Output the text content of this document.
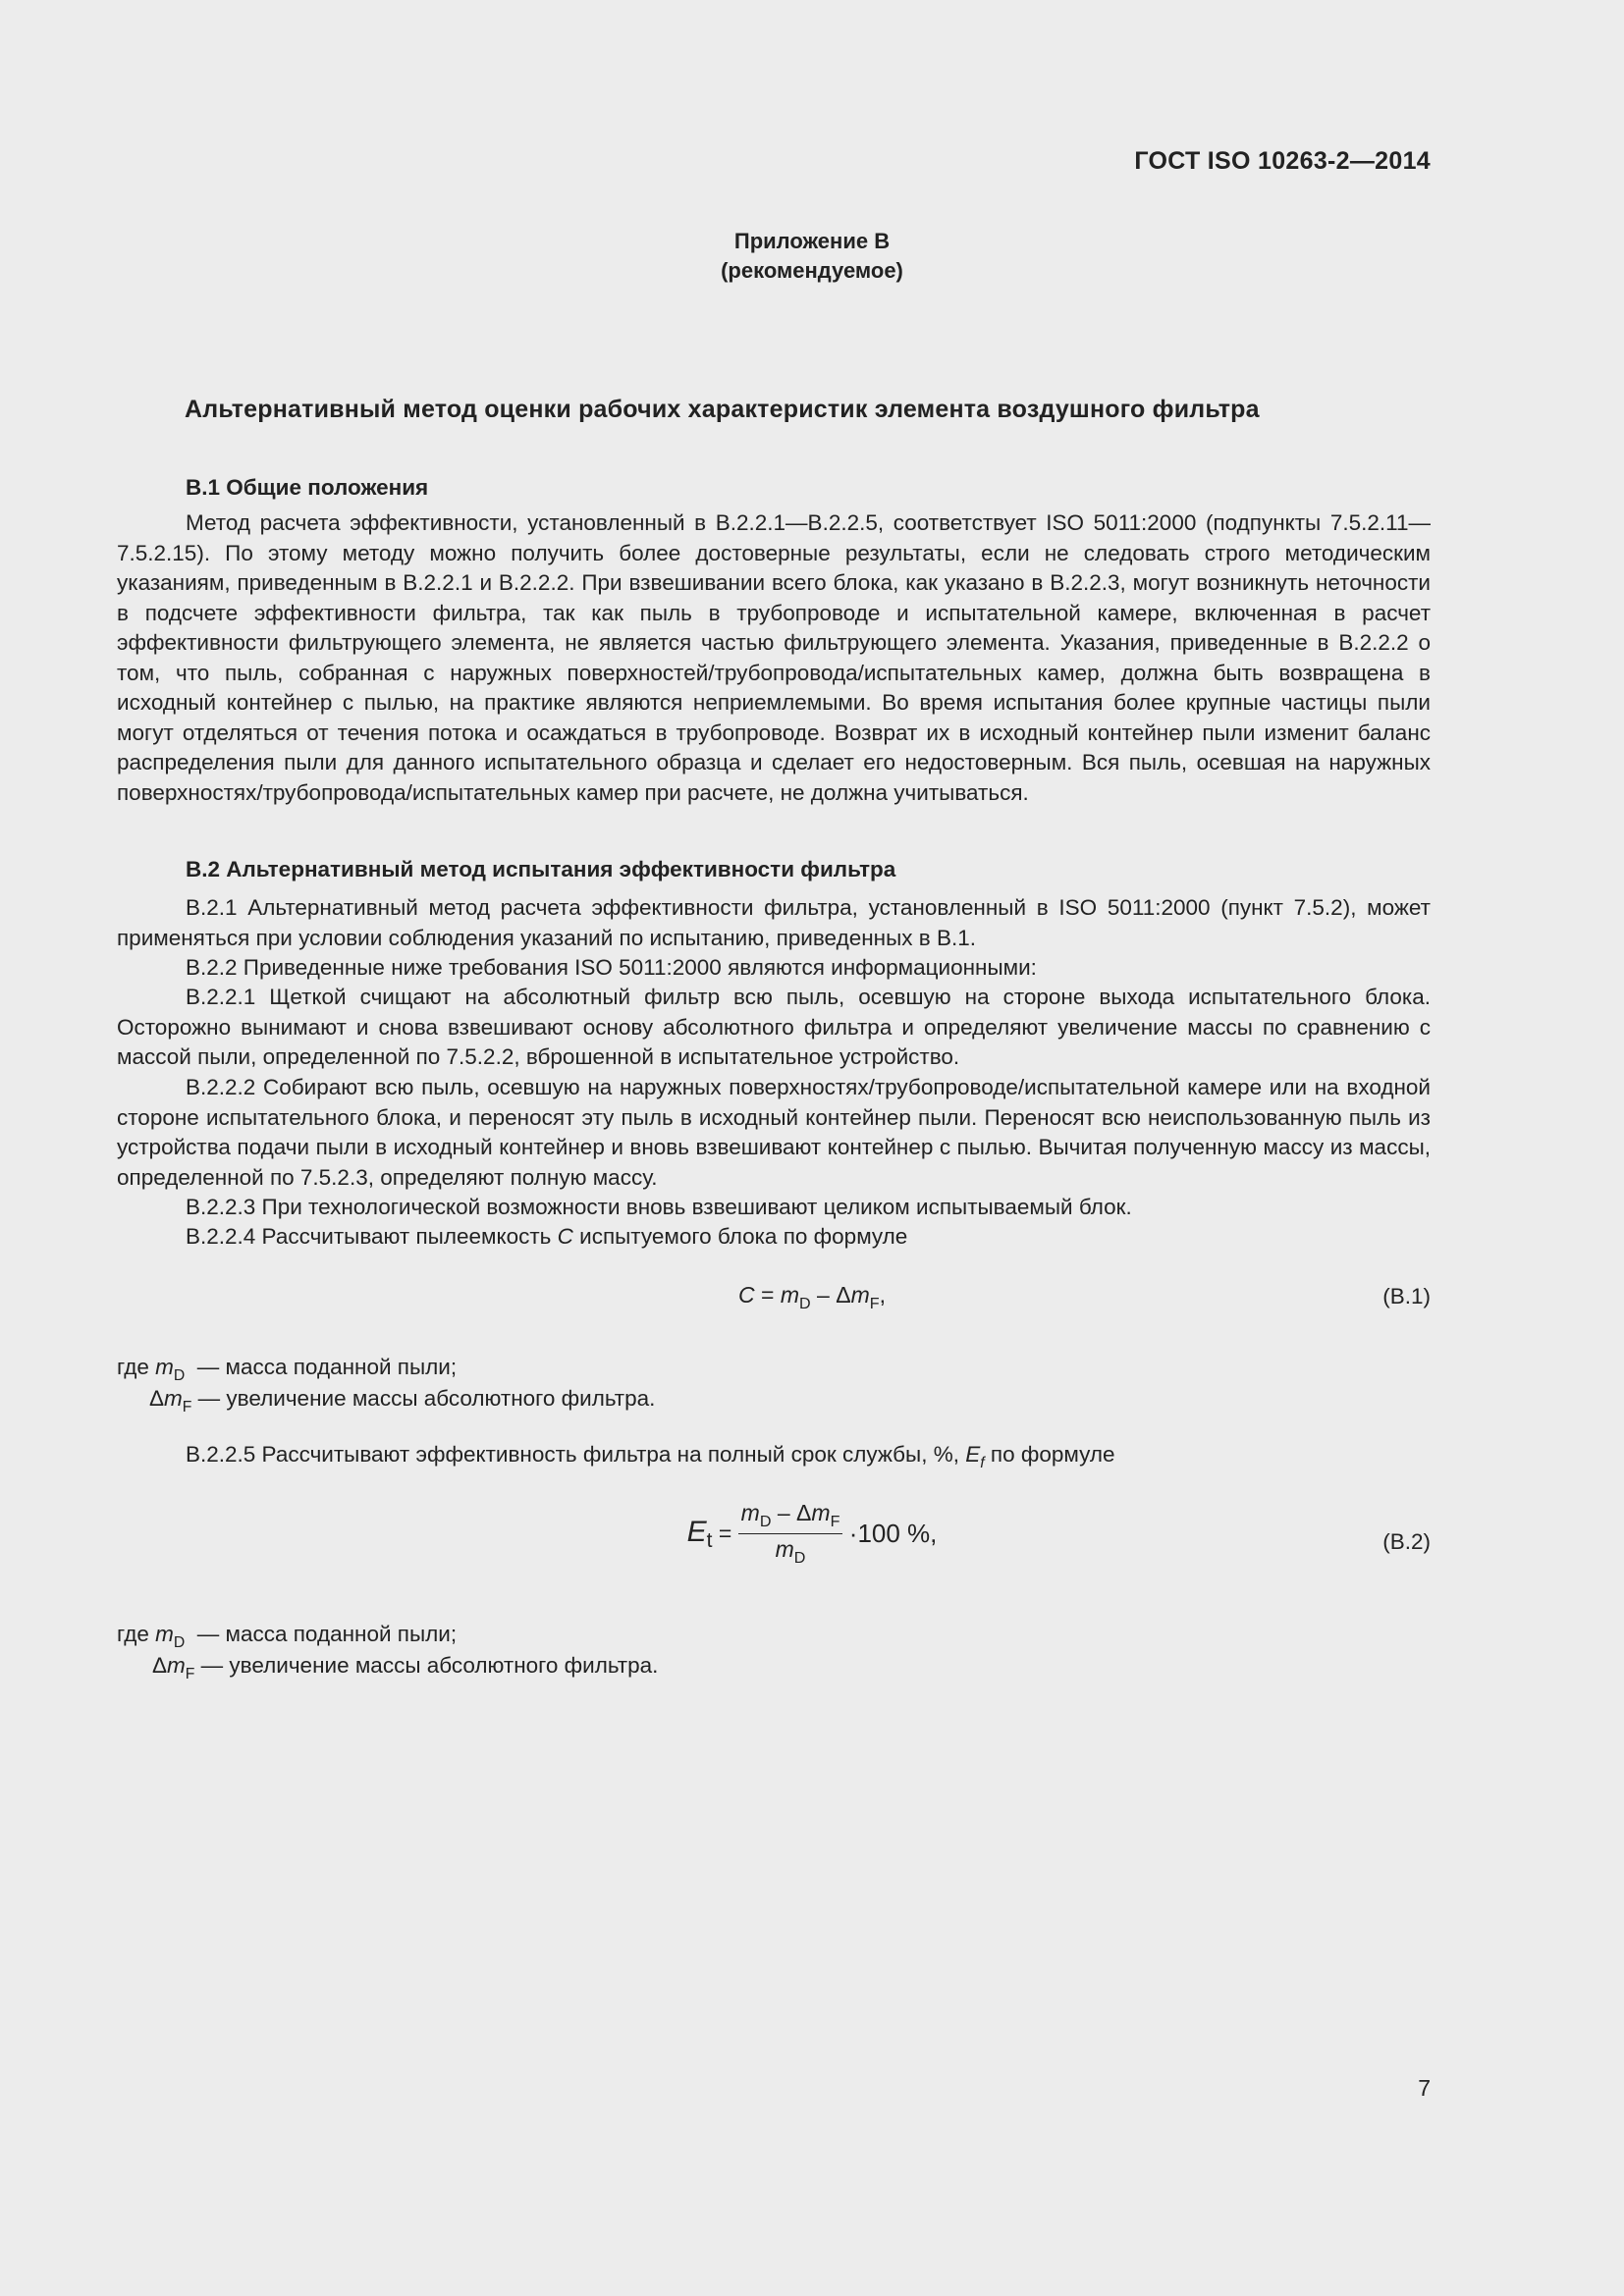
ГОСТ ISO 10263-2—2014
Приложение В
(рекомендуемое)
Альтернативный метод оценки рабочих характеристик элемента воздушного фильтра
В.1 Общие положения

Метод расчета эффективности, установленный в В.2.2.1—В.2.2.5, соответствует ISO 5011:2000 (подпункты 7.5.2.11—7.5.2.15). По этому методу можно получить более достоверные результаты, если не следовать строго методическим указаниям, приведенным в В.2.2.1 и В.2.2.2. При взвешивании всего блока, как указано в В.2.2.3, могут возникнуть неточности в подсчете эффективности фильтра, так как пыль в трубопроводе и испытательной камере, включенная в расчет эффективности фильтрующего элемента, не является частью фильтрующего элемента. Указания, приведенные в В.2.2.2 о том, что пыль, собранная с наружных поверхностей/трубопровода/испытательных камер, должна быть возвращена в исходный контейнер с пылью, на практике являются неприемлемыми. Во время испытания более крупные частицы пыли могут отделяться от течения потока и осаждаться в трубопроводе. Возврат их в исходный контейнер пыли изменит баланс распределения пыли для данного испытательного образца и сделает его недостоверным. Вся пыль, осевшая на наружных поверхностях/трубопровода/испытательных камер при расчете, не должна учитываться.

В.2 Альтернативный метод испытания эффективности фильтра

В.2.1 Альтернативный метод расчета эффективности фильтра, установленный в ISO 5011:2000 (пункт 7.5.2), может применяться при условии соблюдения указаний по испытанию, приведенных в В.1.

В.2.2 Приведенные ниже требования ISO 5011:2000 являются информационными:

В.2.2.1 Щеткой счищают на абсолютный фильтр всю пыль, осевшую на стороне выхода испытательного блока. Осторожно вынимают и снова взвешивают основу абсолютного фильтра и определяют увеличение массы по сравнению с массой пыли, определенной по 7.5.2.2, вброшенной в испытательное устройство.

В.2.2.2 Собирают всю пыль, осевшую на наружных поверхностях/трубопроводе/испытательной камере или на входной стороне испытательного блока, и переносят эту пыль в исходный контейнер пыли. Переносят всю неиспользованную пыль из устройства подачи пыли в исходный контейнер и вновь взвешивают контейнер с пылью. Вычитая полученную массу из массы, определенной по 7.5.2.3, определяют полную массу.

В.2.2.3 При технологической возможности вновь взвешивают целиком испытываемый блок.
В.2.2.4 Рассчитывают пылеемкость C испытуемого блока по формуле
$C = m_D - \Delta m_F$,	(В.1)
где $m_D$ — масса поданной пыли;
$\Delta m_F$ — увеличение массы абсолютного фильтра.
В.2.2.5 Рассчитывают эффективность фильтра на полный срок службы, %, $E_f$ по формуле
$E_t = \frac{m_D - \Delta m_F}{m_D} \cdot 100$ %,	(В.2)
где $m_D$ — масса поданной пыли;
$\Delta m_F$ — увеличение массы абсолютного фильтра.
7
